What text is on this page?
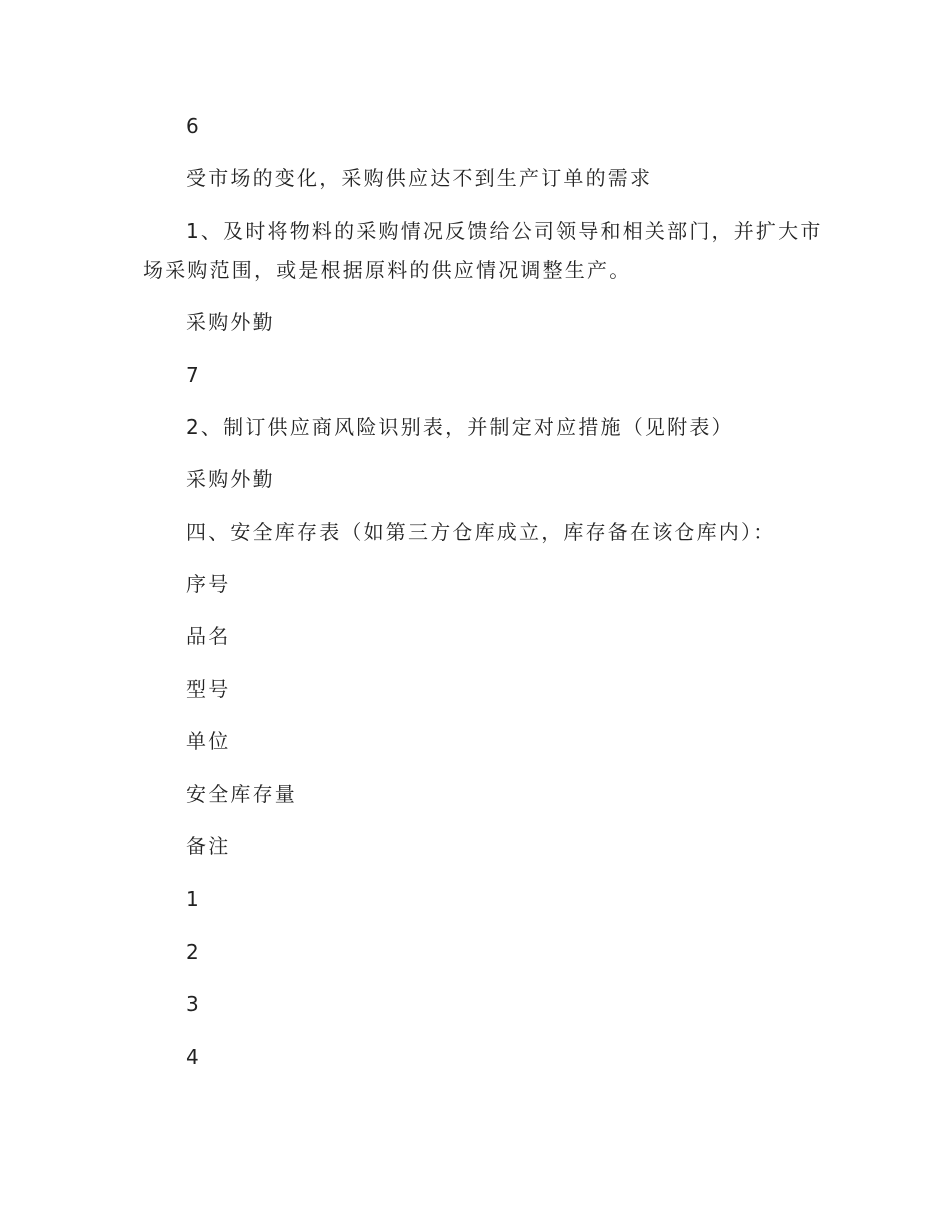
6
受市场的变化，采购供应达不到生产订单的需求
1、及时将物料的采购情况反馈给公司领导和相关部门，并扩大市
场采购范围，或是根据原料的供应情况调整生产。
采购外勤
7
2、制订供应商风险识别表，并制定对应措施（见附表）
采购外勤
四、安全库存表（如第三方仓库成立，库存备在该仓库内）：
序号
品名
型号
单位
安全库存量
备注
1
2
3
4
